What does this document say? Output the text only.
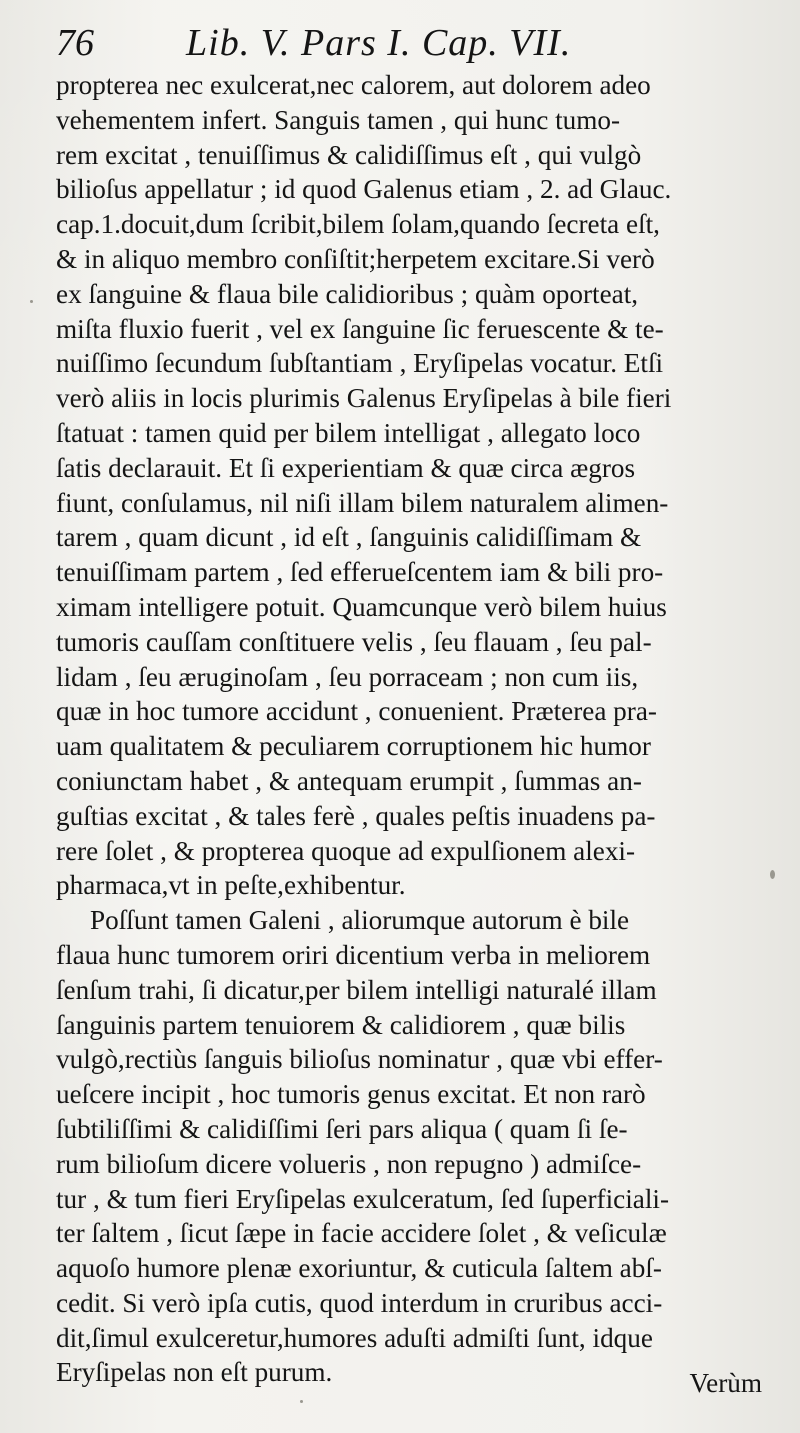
76 Lib. V. Pars I. Cap. VII.
propterea nec exulcerat,nec calorem, aut dolorem adeo
vehementem infert. Sanguis tamen , qui hunc tumo-
rem excitat , tenuiſſimus & calidiſſimus eſt , qui vulgò
bilioſus appellatur ; id quod Galenus etiam , 2. ad Glauc.
cap.1.docuit,dum ſcribit,bilem ſolam,quando ſecreta eſt,
& in aliquo membro conſiſtit;herpetem excitare.Si verò
ex ſanguine & flaua bile calidioribus ; quàm oporteat,
miſta fluxio fuerit , vel ex ſanguine ſic feruescente & te-
nuiſſimo ſecundum ſubſtantiam , Eryſipelas vocatur. Etſi
verò aliis in locis plurimis Galenus Eryſipelas à bile fieri
ſtatuat : tamen quid per bilem intelligat , allegato loco
ſatis declarauit. Et ſi experientiam & quæ circa ægros
fiunt, conſulamus, nil niſi illam bilem naturalem alimen-
tarem , quam dicunt , id eſt , ſanguinis calidiſſimam &
tenuiſſimam partem , ſed efferueſcentem iam & bili pro-
ximam intelligere potuit. Quamcunque verò bilem huius
tumoris cauſſam conſtituere velis , ſeu flauam , ſeu pal-
lidam , ſeu æruginoſam , ſeu porraceam ; non cum iis,
quæ in hoc tumore accidunt , conuenient. Præterea pra-
uam qualitatem & peculiarem corruptionem hic humor
coniunctam habet , & antequam erumpit , ſummas an-
guſtias excitat , & tales ferè , quales peſtis inuadens pa-
rere ſolet , & propterea quoque ad expulſionem alexi-
pharmaca,vt in peſte,exhibentur.
Poſſunt tamen Galeni , aliorumque autorum è bile
flaua hunc tumorem oriri dicentium verba in meliorem
ſenſum trahi, ſi dicatur,per bilem intelligi naturalé illam
ſanguinis partem tenuiorem & calidiorem , quæ bilis
vulgò,rectiùs ſanguis bilioſus nominatur , quæ vbi effer-
ueſcere incipit , hoc tumoris genus excitat. Et non rarò
ſubtiliſſimi & calidiſſimi ſeri pars aliqua ( quam ſi ſe-
rum bilioſum dicere volueris , non repugno ) admiſce-
tur , & tum fieri Eryſipelas exulceratum, ſed ſuperficiali-
ter ſaltem , ſicut ſæpe in facie accidere ſolet , & veſiculæ
aquoſo humore plenæ exoriuntur, & cuticula ſaltem abſ-
cedit. Si verò ipſa cutis, quod interdum in cruribus acci-
dit,ſimul exulceretur,humores aduſti admiſti ſunt, idque
Eryſipelas non eſt purum.	Verùm
